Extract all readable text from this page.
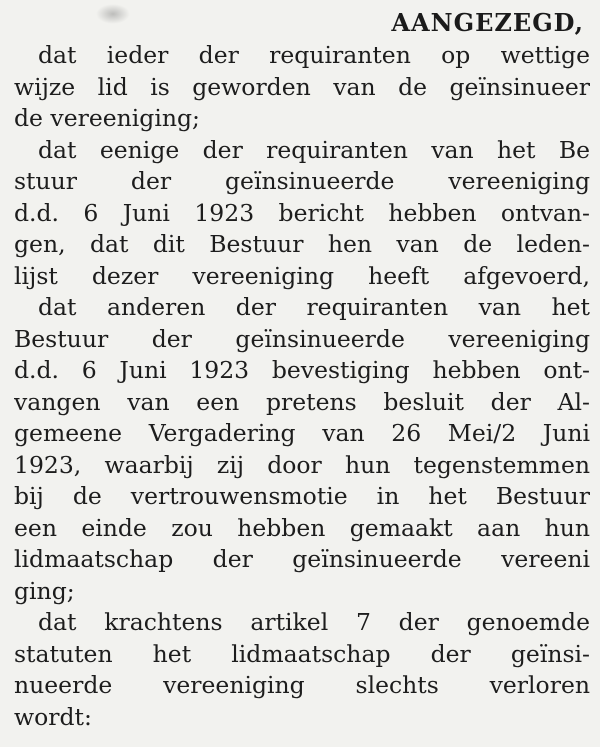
AANGEZEGD,
dat ieder der requiranten op wettige
wijze lid is geworden van de geïnsinueer
de vereeniging;
dat eenige der requiranten van het Be
stuur der geïnsinueerde vereeniging
d.d. 6 Juni 1923 bericht hebben ontvan-
gen, dat dit Bestuur hen van de leden-
lijst dezer vereeniging heeft afgevoerd,
dat anderen der requiranten van het
Bestuur der geïnsinueerde vereeniging
d.d. 6 Juni 1923 bevestiging hebben ont-
vangen van een pretens besluit der Al-
gemeene Vergadering van 26 Mei/2 Juni
1923, waarbij zij door hun tegenstemmen
bij de vertrouwensmotie in het Bestuur
een einde zou hebben gemaakt aan hun
lidmaatschap der geïnsinueerde vereeni
ging;
dat krachtens artikel 7 der genoemde
statuten het lidmaatschap der geïnsi-
nueerde vereeniging slechts verloren
wordt:
